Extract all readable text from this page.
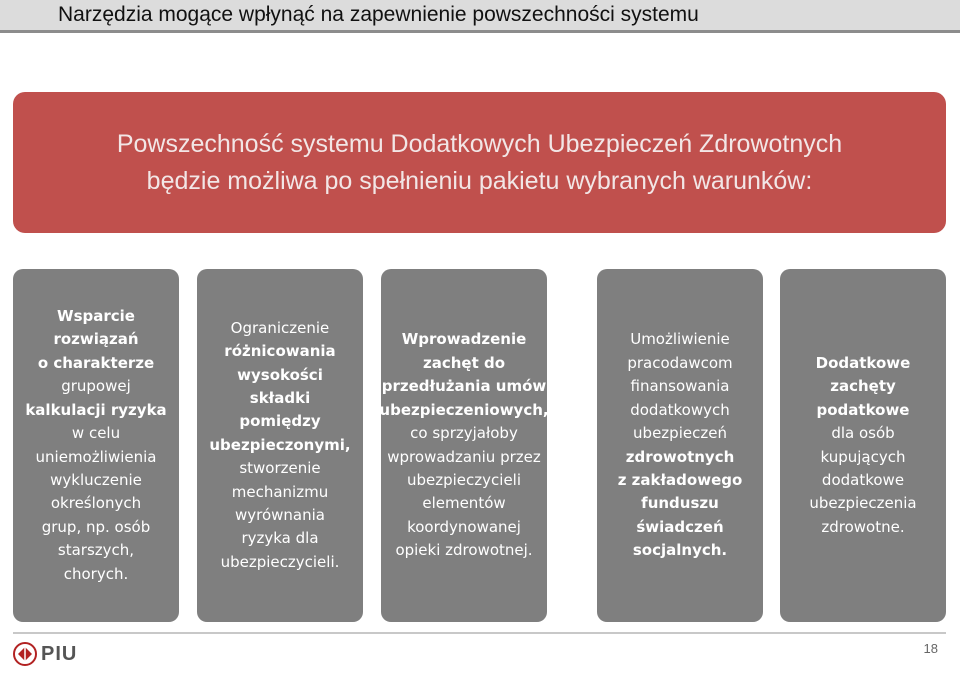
Narzędzia mogące wpłynąć na zapewnienie powszechności systemu
Powszechność systemu Dodatkowych Ubezpieczeń Zdrowotnych
będzie możliwa po spełnieniu pakietu wybranych warunków:
Wsparcie
rozwiązań
o charakterze
grupowej
kalkulacji ryzyka
w celu
uniemożliwienia
wykluczenie
określonych
grup, np. osób
starszych,
chorych.
Ograniczenie
różnicowania
wysokości
składki
pomiędzy
ubezpieczonymi,
stworzenie
mechanizmu
wyrównania
ryzyka dla
ubezpieczycieli.
Wprowadzenie
zachęt do
przedłużania umów
ubezpieczeniowych,
co sprzyjałoby
wprowadzaniu przez
ubezpieczycieli
elementów
koordynowanej
opieki zdrowotnej.
Umożliwienie
pracodawcom
finansowania
dodatkowych
ubezpieczeń
zdrowotnych
z zakładowego
funduszu
świadczeń
socjalnych.
Dodatkowe
zachęty
podatkowe
dla osób
kupujących
dodatkowe
ubezpieczenia
zdrowotne.
PIU	18
